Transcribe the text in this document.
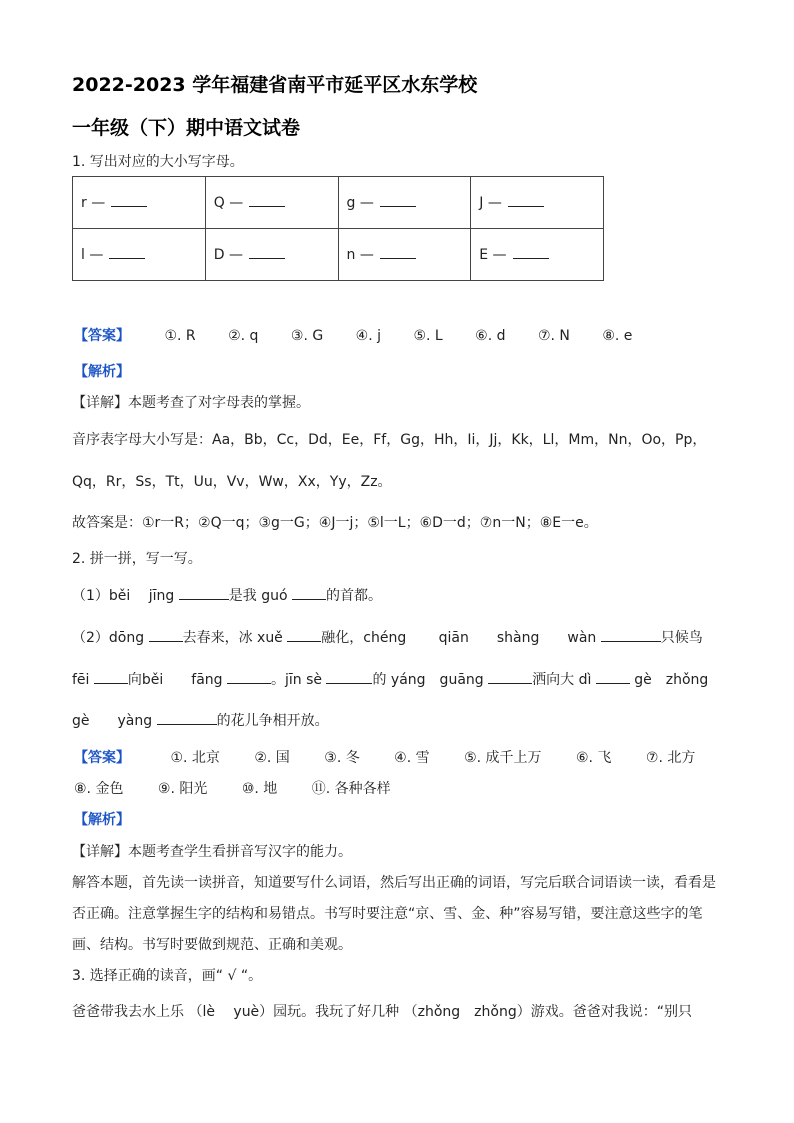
2022-2023 学年福建省南平市延平区水东学校
一年级（下）期中语文试卷
1. 写出对应的大小写字母。
r —	Q —	g —	J —
l —	D —	n —	E —
【答案】 ①. R ②. q ③. G ④. j ⑤. L ⑥. d ⑦. N ⑧. e
【解析】
【详解】本题考查了对字母表的掌握。
音序表字母大小写是：Aa，Bb，Cc，Dd，Ee，Ff，Gg，Hh，Ii，Jj，Kk，Ll，Mm，Nn，Oo，Pp，
Qq，Rr，Ss，Tt，Uu，Vv，Ww，Xx，Yy，Zz。
故答案是：①r一R；②Q一q；③g一G；④J一j；⑤l一L；⑥D一d；⑦n一N；⑧E一e。
2. 拼一拼，写一写。
（1）běi　 jīng	是我 guó	的首都。
（2）dōng	去春来，冰 xuě	融化，chéng　　 qiān　　shàng　　wàn	只候鸟
fēi	向běi　　fāng	。jīn sè	的 yáng　guāng	洒向大 dì	gè　zhǒng
gè　　yàng	的花儿争相开放。
【答案】	①. 北京 ②. 国 ③. 冬 ④. 雪 ⑤. 成千上万 ⑥. 飞 ⑦. 北方
⑧. 金色 ⑨. 阳光 ⑩. 地 ⑪. 各种各样
【解析】
【详解】本题考查学生看拼音写汉字的能力。
解答本题，首先读一读拼音，知道要写什么词语，然后写出正确的词语，写完后联合词语读一读，看看是
否正确。注意掌握生字的结构和易错点。书写时要注意“京、雪、金、种”容易写错，要注意这些字的笔
画、结构。书写时要做到规范、正确和美观。
3. 选择正确的读音，画“ √ “。
爸爸带我去水上乐 （lè　 yuè）园玩。我玩了好几种 （zhǒng　zhǒng）游戏。爸爸对我说：“别只
